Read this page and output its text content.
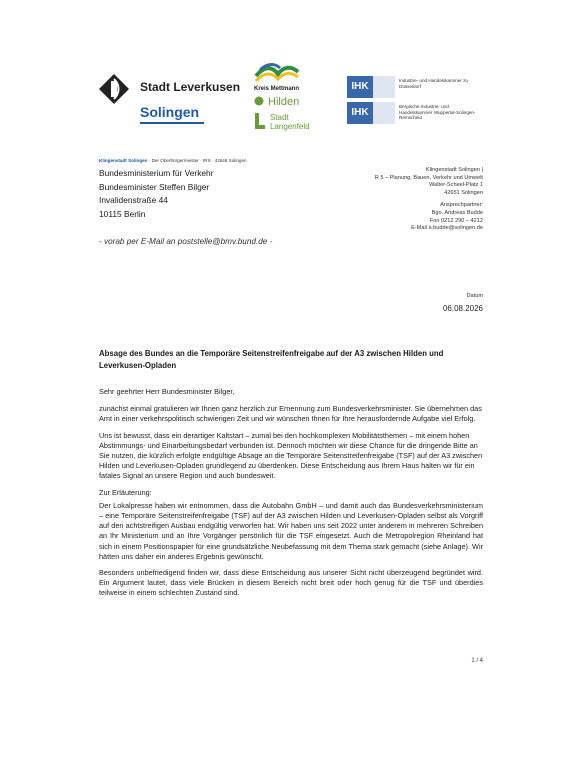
Stadt Leverkusen
Solingen
Kreis Mettmann
Hilden
Stadt Langenfeld
IHK
Industrie- und Handelskammer zu Düsseldorf
IHK
Bergische Industrie- und Handelskammer Wuppertal-Solingen-Remscheid
Klingenstadt Solingen · Der Oberbürgermeister · IRS · 42648 Solingen
Bundesministerium für Verkehr
Bundesminister Steffen Bilger
Invalidenstraße 44
10115 Berlin
- vorab per E-Mail an poststelle@bmv.bund.de -
Klingenstadt Solingen |
R 5 – Planung, Bauen, Verkehr und Umwelt
Walter-Scheel-Platz 1
42651 Solingen
Ansprechpartner:
Bgo. Andreas Budde
Fon 0212 290 – 4212
E-Mail a.budde@solingen.de
Datum
06.08.2026
Absage des Bundes an die Temporäre Seitenstreifenfreigabe auf der A3 zwischen Hilden und Leverkusen-Opladen

Sehr geehrter Herr Bundesminister Bilger,

zunächst einmal gratulieren wir Ihnen ganz herzlich zur Ernennung zum Bundesverkehrsminister. Sie übernehmen das Amt in einer verkehrspolitisch schwierigen Zeit und wir wünschen Ihnen für Ihre herausfordernde Aufgabe viel Erfolg.

Uns ist bewusst, dass ein derartiger Kaltstart – zumal bei den hochkomplexen Mobilitätsthemen – mit einem hohen Abstimmungs- und Einarbeitungsbedarf verbunden ist. Dennoch möchten wir diese Chance für die dringende Bitte an Sie nutzen, die kürzlich erfolgte endgültige Absage an die Temporäre Seitenstreifenfreigabe (TSF) auf der A3 zwischen Hilden und Leverkusen-Opladen grundlegend zu überdenken. Diese Entscheidung aus Ihrem Haus halten wir für ein fatales Signal an unsere Region und auch bundesweit.

Zur Erläuterung:

Der Lokalpresse haben wir entnommen, dass die Autobahn GmbH – und damit auch das Bundesverkehrsministerium – eine Temporäre Seitenstreifenfreigabe (TSF) auf der A3 zwischen Hilden und Leverkusen-Opladen selbst als Vorgriff auf den achtstreifigen Ausbau endgültig verworfen hat. Wir haben uns seit 2022 unter anderem in mehreren Schreiben an Ihr Ministerium und an Ihre Vorgänger persönlich für die TSF eingesetzt. Auch die Metropolregion Rheinland hat sich in einem Positionspapier für eine grundsätzliche Neubefassung mit dem Thema stark gemacht (siehe Anlage). Wir hätten uns daher ein anderes Ergebnis gewünscht.

Besonders unbefriedigend finden wir, dass diese Entscheidung aus unserer Sicht nicht überzeugend begründet wird. Ein Argument lautet, dass viele Brücken in diesem Bereich nicht breit oder hoch genug für die TSF und überdies teilweise in einem schlechten Zustand sind.

1 / 4
